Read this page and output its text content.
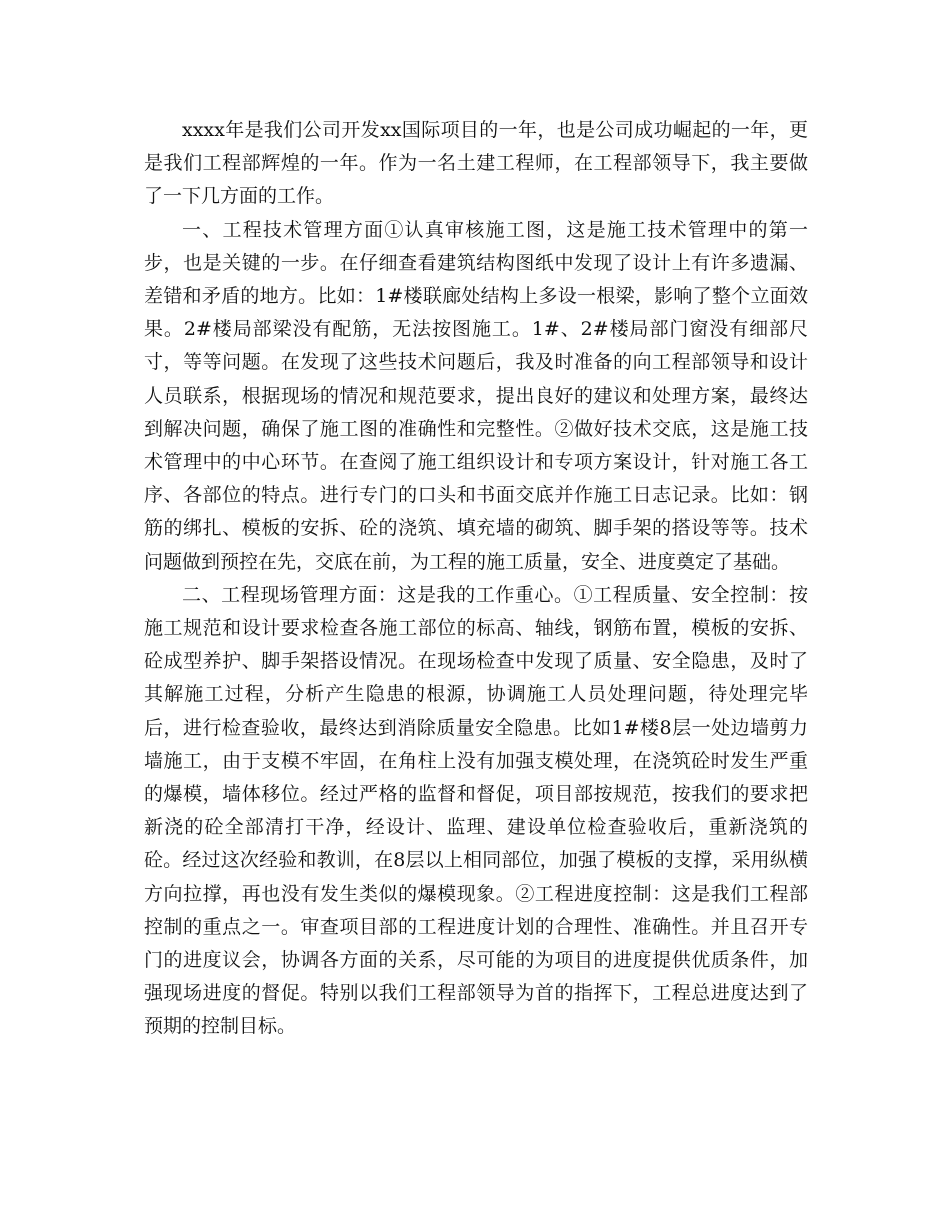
xxxx年是我们公司开发xx国际项目的一年，也是公司成功崛起的一年，更是我们工程部辉煌的一年。作为一名土建工程师，在工程部领导下，我主要做了一下几方面的工作。

一、工程技术管理方面①认真审核施工图，这是施工技术管理中的第一步，也是关键的一步。在仔细查看建筑结构图纸中发现了设计上有许多遗漏、差错和矛盾的地方。比如：1#楼联廊处结构上多设一根梁，影响了整个立面效果。2#楼局部梁没有配筋，无法按图施工。1#、2#楼局部门窗没有细部尺寸，等等问题。在发现了这些技术问题后，我及时准备的向工程部领导和设计人员联系，根据现场的情况和规范要求，提出良好的建议和处理方案，最终达到解决问题，确保了施工图的准确性和完整性。②做好技术交底，这是施工技术管理中的中心环节。在查阅了施工组织设计和专项方案设计，针对施工各工序、各部位的特点。进行专门的口头和书面交底并作施工日志记录。比如：钢筋的绑扎、模板的安拆、砼的浇筑、填充墙的砌筑、脚手架的搭设等等。技术问题做到预控在先，交底在前，为工程的施工质量，安全、进度奠定了基础。

二、工程现场管理方面：这是我的工作重心。①工程质量、安全控制：按施工规范和设计要求检查各施工部位的标高、轴线，钢筋布置，模板的安拆、砼成型养护、脚手架搭设情况。在现场检查中发现了质量、安全隐患，及时了其解施工过程，分析产生隐患的根源，协调施工人员处理问题，待处理完毕后，进行检查验收，最终达到消除质量安全隐患。比如1#楼8层一处边墙剪力墙施工，由于支模不牢固，在角柱上没有加强支模处理，在浇筑砼时发生严重的爆模，墙体移位。经过严格的监督和督促，项目部按规范，按我们的要求把新浇的砼全部清打干净，经设计、监理、建设单位检查验收后，重新浇筑的砼。经过这次经验和教训，在8层以上相同部位，加强了模板的支撑，采用纵横方向拉撑，再也没有发生类似的爆模现象。②工程进度控制：这是我们工程部控制的重点之一。审查项目部的工程进度计划的合理性、准确性。并且召开专门的进度议会，协调各方面的关系，尽可能的为项目的进度提供优质条件，加强现场进度的督促。特别以我们工程部领导为首的指挥下，工程总进度达到了预期的控制目标。
